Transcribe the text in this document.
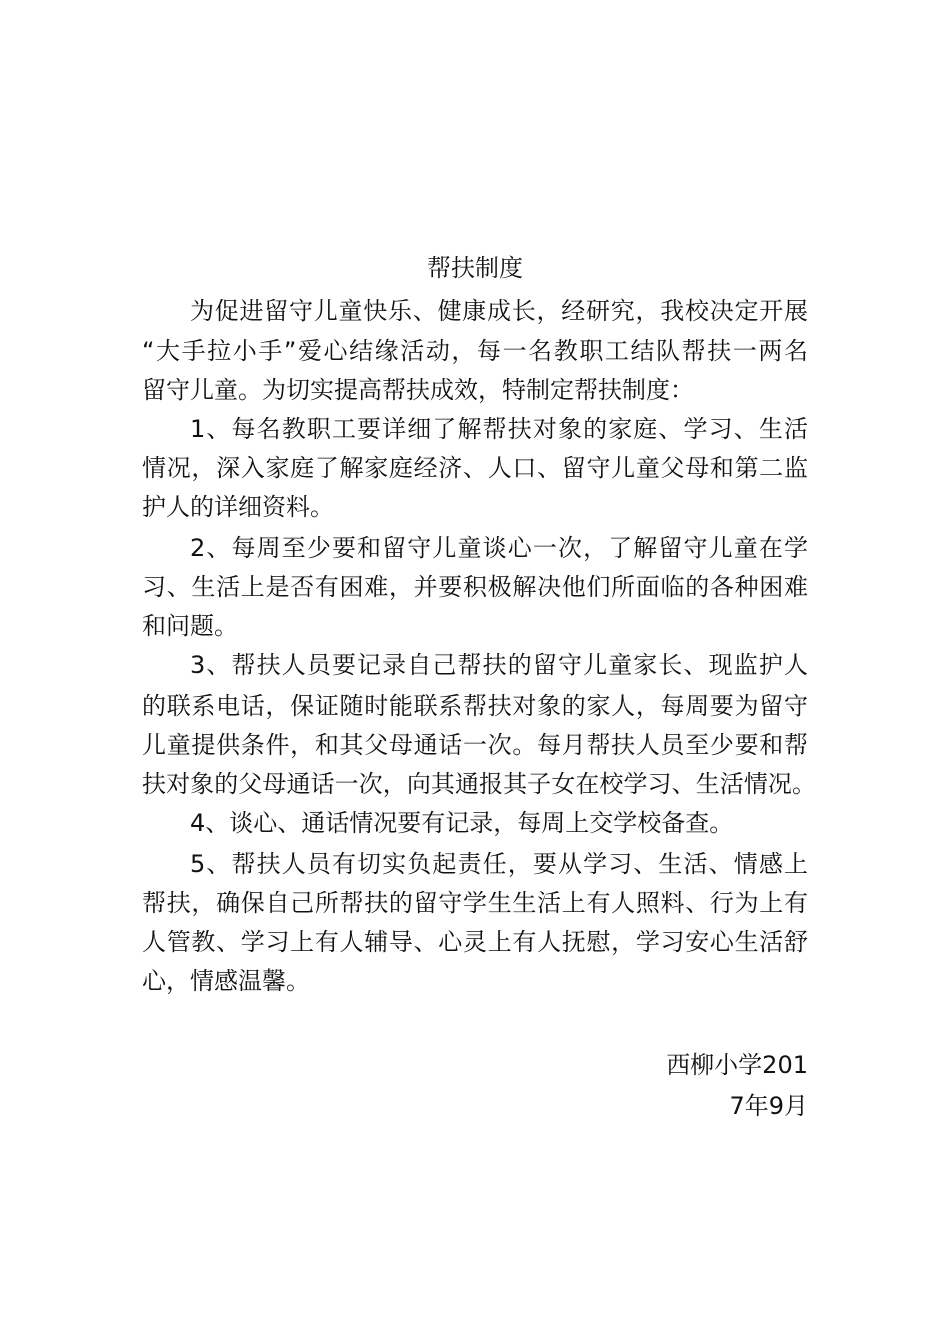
帮扶制度
为促进留守儿童快乐、健康成长，经研究，我校决定开展
“大手拉小手”爱心结缘活动，每一名教职工结队帮扶一两名
留守儿童。为切实提高帮扶成效，特制定帮扶制度：
1、每名教职工要详细了解帮扶对象的家庭、学习、生活
情况，深入家庭了解家庭经济、人口、留守儿童父母和第二监
护人的详细资料。
2、每周至少要和留守儿童谈心一次，了解留守儿童在学
习、生活上是否有困难，并要积极解决他们所面临的各种困难
和问题。
3、帮扶人员要记录自己帮扶的留守儿童家长、现监护人
的联系电话，保证随时能联系帮扶对象的家人，每周要为留守
儿童提供条件，和其父母通话一次。每月帮扶人员至少要和帮
扶对象的父母通话一次，向其通报其子女在校学习、生活情况。
4、谈心、通话情况要有记录，每周上交学校备查。
5、帮扶人员有切实负起责任，要从学习、生活、情感上
帮扶，确保自己所帮扶的留守学生生活上有人照料、行为上有
人管教、学习上有人辅导、心灵上有人抚慰，学习安心生活舒
心，情感温馨。
西柳小学201
7年9月
